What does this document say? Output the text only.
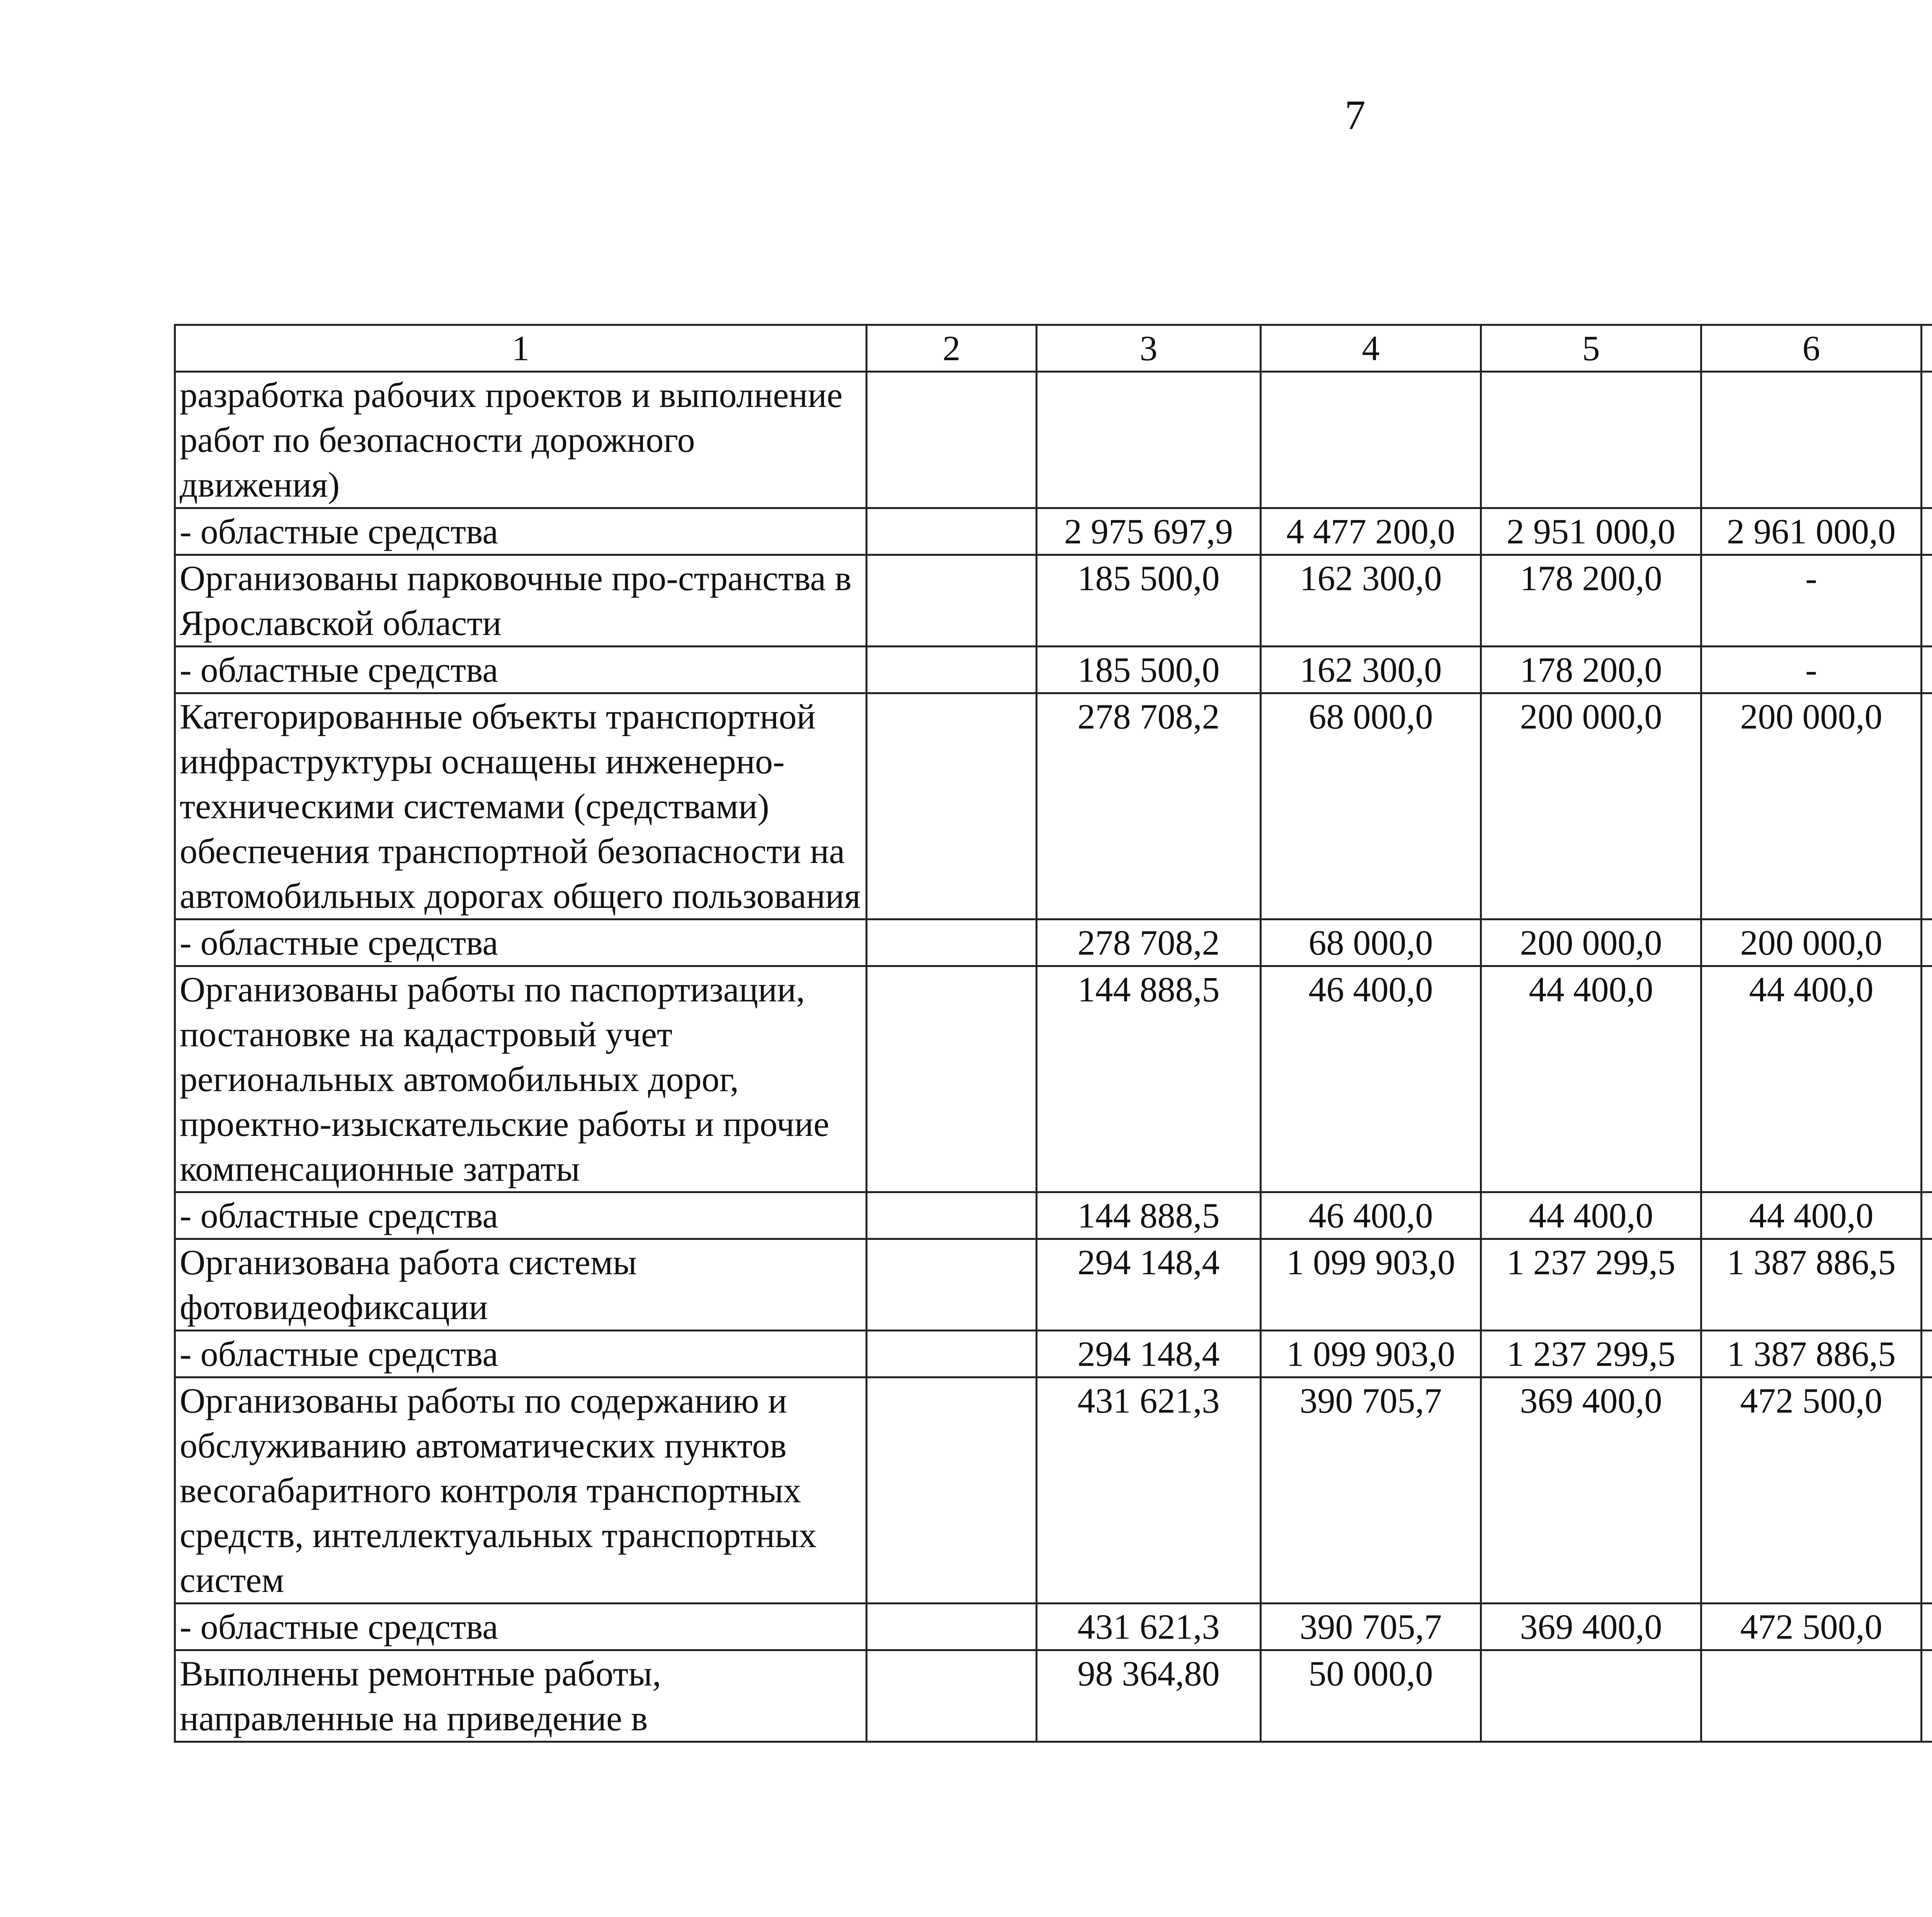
7
1	2	3	4	5	6			
разработка рабочих проектов и выполнение работ по безопасности дорожного движения)								
- областные средства		2 975 697,9	4 477 200,0	2 951 000,0	2 961 000,0			
Организованы парковочные про-странства в Ярославской области		185 500,0	162 300,0	178 200,0	-			
- областные средства		185 500,0	162 300,0	178 200,0	-			
Категорированные объекты транспортной инфраструктуры оснащены инженерно-техническими системами (средствами) обеспечения транспортной безопасности на автомобильных дорогах общего пользования		278 708,2	68 000,0	200 000,0	200 000,0			
- областные средства		278 708,2	68 000,0	200 000,0	200 000,0			
Организованы работы по паспортизации, постановке на кадастровый учет региональных автомобильных дорог, проектно-изыскательские работы и прочие компенсационные затраты		144 888,5	46 400,0	44 400,0	44 400,0			
- областные средства		144 888,5	46 400,0	44 400,0	44 400,0			
Организована работа системы фотовидеофиксации		294 148,4	1 099 903,0	1 237 299,5	1 387 886,5			
- областные средства		294 148,4	1 099 903,0	1 237 299,5	1 387 886,5			
Организованы работы по содержанию и обслуживанию автоматических пунктов весогабаритного контроля транспортных средств, интеллектуальных транспортных систем		431 621,3	390 705,7	369 400,0	472 500,0			
- областные средства		431 621,3	390 705,7	369 400,0	472 500,0			
Выполнены ремонтные работы, направленные на приведение в		98 364,80	50 000,0					
